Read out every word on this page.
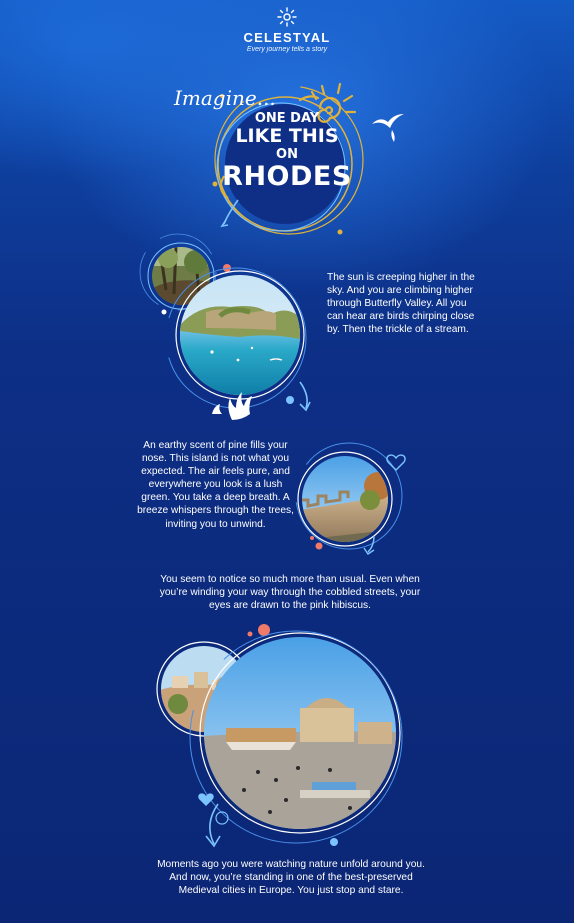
CELESTYAL
Every journey tells a story
Imagine...
ONE DAY
LIKE THIS
ON
RHODES

The sun is creeping higher in the sky. And you are climbing higher through Butterfly Valley. All you can hear are birds chirping close by. Then the trickle of a stream.

An earthy scent of pine fills your nose. This island is not what you expected. The air feels pure, and everywhere you look is a lush green. You take a deep breath. A breeze whispers through the trees, inviting you to unwind.

You seem to notice so much more than usual. Even when you’re winding your way through the cobbled streets, your eyes are drawn to the pink hibiscus.

Moments ago you were watching nature unfold around you. And now, you’re standing in one of the best-preserved Medieval cities in Europe. You just stop and stare.
